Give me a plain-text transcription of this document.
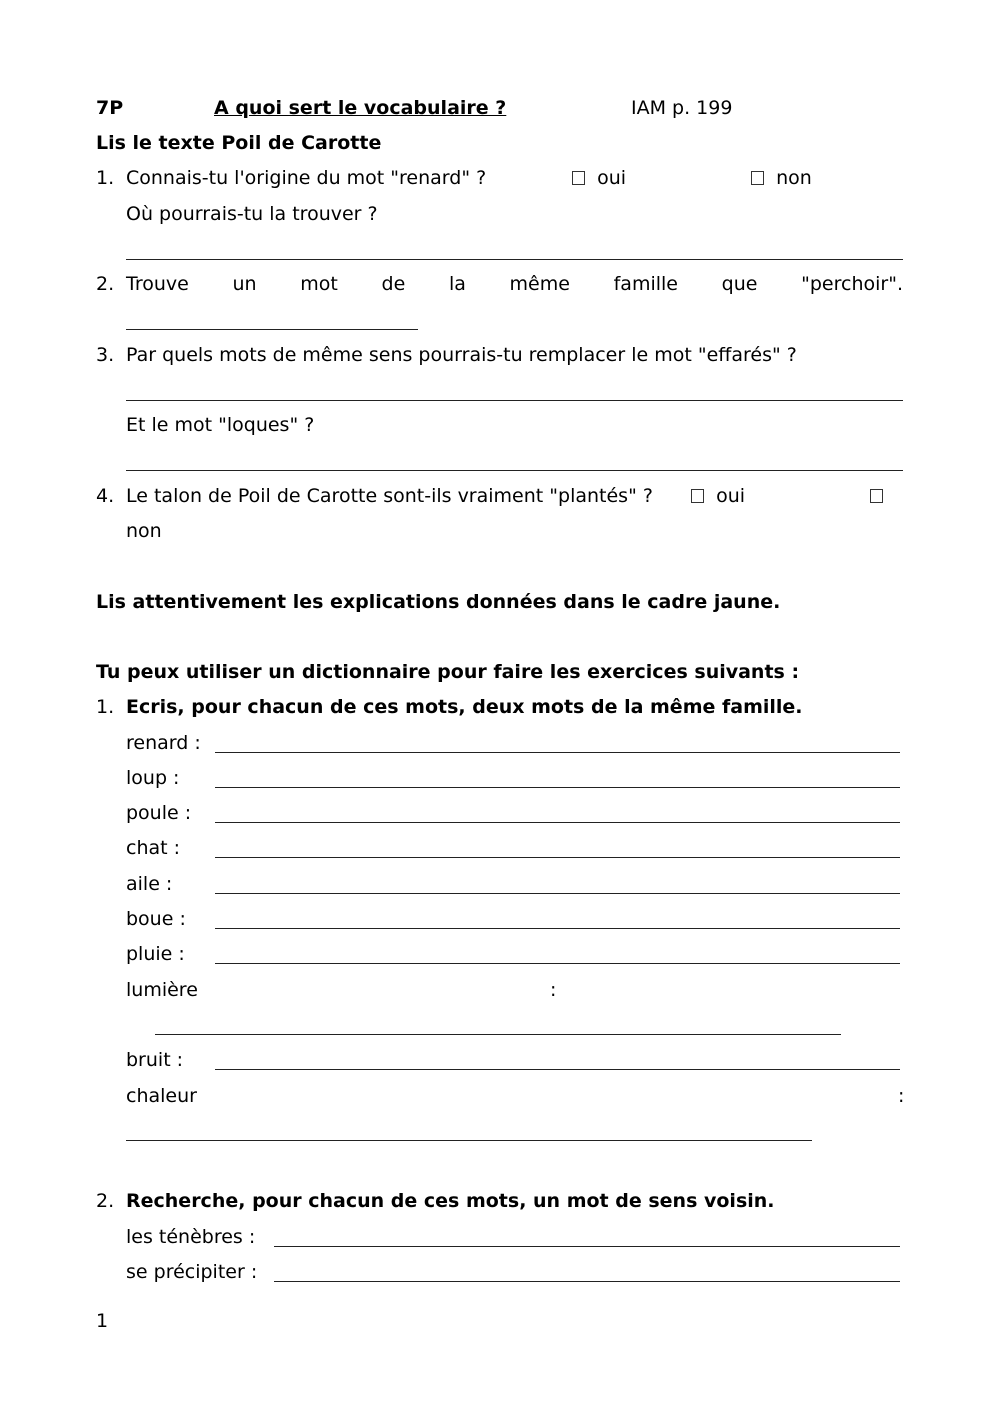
7P	A quoi sert le vocabulaire ?	IAM p. 199
Lis le texte Poil de Carotte
1. Connais-tu l'origine du mot "renard" ?	oui	non
Où pourrais-tu la trouver ?
2. Trouve un mot de la même famille que "perchoir".
3. Par quels mots de même sens pourrais-tu remplacer le mot "effarés" ?
Et le mot "loques" ?
4. Le talon de Poil de Carotte sont-ils vraiment "plantés" ?	oui
non
Lis attentivement les explications données dans le cadre jaune.
Tu peux utiliser un dictionnaire pour faire les exercices suivants :
1. Ecris, pour chacun de ces mots, deux mots de la même famille.
renard :
loup :
poule :
chat :
aile :
boue :
pluie :
lumière	:
bruit :
chaleur	:
2. Recherche, pour chacun de ces mots, un mot de sens voisin.
les ténèbres :
se précipiter :
1
